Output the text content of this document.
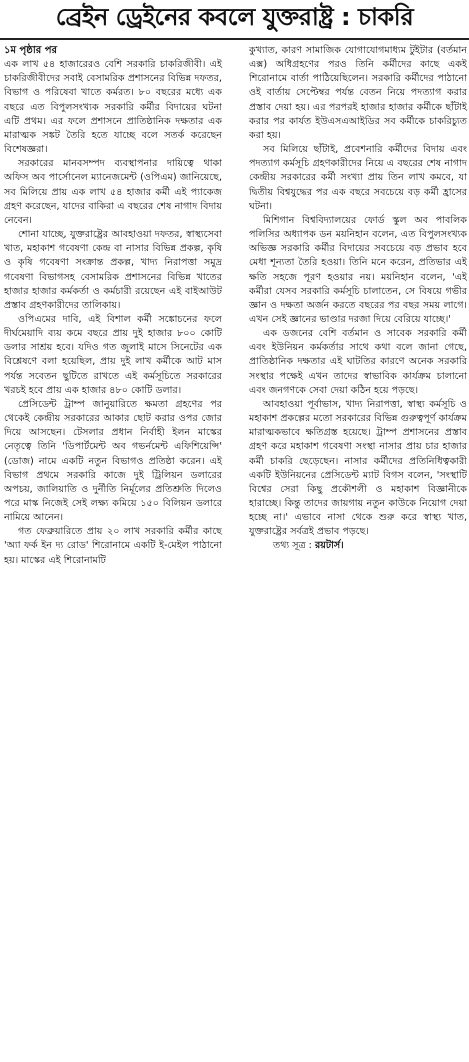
ব্রেইন ড্রেইনের কবলে যুক্তরাষ্ট্র : চাকরি
১ম পৃষ্ঠার পর

এক লাখ ৫৪ হাজারেরও বেশি সরকারি চাকরিজীবী। এই চাকরিজীবীদের সবাই বেসামরিক প্রশাসনের বিভিন্ন দফতর, বিভাগ ও পরিষেবা খাতে কর্মরত। ৮০ বছরের মধ্যে এক বছরে এত বিপুলসংখ্যক সরকারি কর্মীর বিদায়ের ঘটনা এটি প্রথম। এর ফলে প্রশাসনে প্রাতিষ্ঠানিক দক্ষতার এক মারাত্মক সঙ্কট তৈরি হতে যাচ্ছে বলে সতর্ক করেছেন বিশেষজ্ঞরা।

সরকারের মানবসম্পদ ব্যবস্থাপনার দায়িত্বে থাকা অফিস অব পার্সোনেল ম্যানেজমেন্ট (ওপিএম) জানিয়েছে, সব মিলিয়ে প্রায় এক লাখ ৫৪ হাজার কর্মী এই প্যাকেজ গ্রহণ করেছেন, যাদের বাকিরা এ বছরের শেষ নাগাদ বিদায় নেবেন।

শোনা যাচ্ছে, যুক্তরাষ্ট্রের আবহাওয়া দফতর, স্বাস্থ্যসেবা খাত, মহাকাশ গবেষণা কেন্দ্র বা নাসার বিভিন্ন প্রকল্প, কৃষি ও কৃষি গবেষণা সংক্রান্ত প্রকল্প, খাদ্য নিরাপত্তা সমুদ্র গবেষণা বিভাগসহ বেসামরিক প্রশাসনের বিভিন্ন খাতের হাজার হাজার কর্মকর্তা ও কর্মচারী রয়েছেন এই বাইআউট প্রস্তাব গ্রহণকারীদের তালিকায়।

ওপিএমের দাবি, এই বিশাল কর্মী সঙ্কোচনের ফলে দীর্ঘমেয়াদি ব্যয় কমে বছরে প্রায় দুই হাজার ৮০০ কোটি ডলার সাশ্রয় হবে। যদিও গত জুলাই মাসে সিনেটের এক বিশ্লেষণে বলা হয়েছিল, প্রায় দুই লাখ কর্মীকে আট মাস পর্যন্ত সবেতন ছুটিতে রাখতে এই কর্মসূচিতে সরকারের খরচই হবে প্রায় এক হাজার ৪৮০ কোটি ডলার।

প্রেসিডেন্ট ট্রাম্প জানুয়ারিতে ক্ষমতা গ্রহণের পর থেকেই কেন্দ্রীয় সরকারের আকার ছোট করার ওপর জোর দিয়ে আসছেন। টেসলার প্রধান নির্বাহী ইলন মাস্কের নেতৃত্বে তিনি 'ডিপার্টমেন্ট অব গভর্নমেন্ট এফিশিয়েন্সি' (ডোজ) নামে একটি নতুন বিভাগও প্রতিষ্ঠা করেন। এই বিভাগ প্রথমে সরকারি কাজে দুই ট্রিলিয়ন ডলারের অপচয়, জালিয়াতি ও দুর্নীতি নির্মূলের প্রতিশ্রুতি দিলেও পরে মাস্ক নিজেই সেই লক্ষ্য কমিয়ে ১৫০ বিলিয়ন ডলারে নামিয়ে আনেন।

গত ফেব্রুয়ারিতে প্রায় ২০ লাখ সরকারি কর্মীর কাছে 'অ্যা ফর্ক ইন দ্য রোড' শিরোনামে একটি ই-মেইল পাঠানো হয়। মাস্কের এই শিরোনামটি

কুখ্যাত, কারণ সামাজিক যোগাযোগমাধ্যম টুইটার (বর্তমান এক্স) অধিগ্রহণের পরও তিনি কর্মীদের কাছে একই শিরোনামে বার্তা পাঠিয়েছিলেন। সরকারি কর্মীদের পাঠানো ওই বার্তায় সেপ্টেম্বর পর্যন্ত বেতন নিয়ে পদত্যাগ করার প্রস্তাব দেয়া হয়। এর পরপরই হাজার হাজার কর্মীকে ছাঁটাই করার পর কার্যত ইউএসএআইডির সব কর্মীকে চাকরিচ্যুত করা হয়।

সব মিলিয়ে ছাঁটাই, প্রবেশনারি কর্মীদের বিদায় এবং পদত্যাগ কর্মসূচি গ্রহণকারীদের নিয়ে এ বছরের শেষ নাগাদ কেন্দ্রীয় সরকারের কর্মী সংখ্যা প্রায় তিন লাখ কমবে, যা দ্বিতীয় বিশ্বযুদ্ধের পর এক বছরে সবচেয়ে বড় কর্মী হ্রাসের ঘটনা।

মিশিগান বিশ্ববিদ্যালয়ের ফোর্ড স্কুল অব পাবলিক পলিসির অধ্যাপক ডন ময়নিহান বলেন, এত বিপুলসংখ্যক অভিজ্ঞ সরকারি কর্মীর বিদায়ের সবচেয়ে বড় প্রভাব হবে মেধা শূন্যতা তৈরি হওয়া। তিনি মনে করেন, প্রতিভার এই ক্ষতি সহজে পূরণ হওয়ার নয়। ময়নিহান বলেন, 'এই কর্মীরা যেসব সরকারি কর্মসূচি চালাতেন, সে বিষয়ে গভীর জ্ঞান ও দক্ষতা অর্জন করতে বছরের পর বছর সময় লাগে। এখন সেই জ্ঞানের ভাণ্ডার দরজা দিয়ে বেরিয়ে যাচ্ছে।'

এক ডজনের বেশি বর্তমান ও সাবেক সরকারি কর্মী এবং ইউনিয়ন কর্মকর্তার সাথে কথা বলে জানা গেছে, প্রাতিষ্ঠানিক দক্ষতার এই ঘাটতির কারণে অনেক সরকারি সংস্থার পক্ষেই এখন তাদের স্বাভাবিক কার্যক্রম চালানো এবং জনগণকে সেবা দেয়া কঠিন হয়ে পড়ছে।

আবহাওয়া পূর্বাভাস, খাদ্য নিরাপত্তা, স্বাস্থ্য কর্মসূচি ও মহাকাশ প্রকল্পের মতো সরকারের বিভিন্ন গুরুত্বপূর্ণ কার্যক্রম মারাত্মকভাবে ক্ষতিগ্রস্ত হয়েছে। ট্রাম্প প্রশাসনের প্রস্তাব গ্রহণ করে মহাকাশ গবেষণা সংস্থা নাসার প্রায় চার হাজার কর্মী চাকরি ছেড়েছেন। নাসার কর্মীদের প্রতিনিধিত্বকারী একটি ইউনিয়নের প্রেসিডেন্ট ম্যাট বিগস বলেন, 'সংস্থাটি বিশ্বের সেরা কিছু প্রকৌশলী ও মহাকাশ বিজ্ঞানীকে হারাচ্ছে। কিন্তু তাদের জায়গায় নতুন কাউকে নিয়োগ দেয়া হচ্ছে না।' এভাবে নাসা থেকে শুরু করে স্বাস্থ্য খাত, যুক্তরাষ্ট্রের সর্বত্রই প্রভাব পড়ছে।

তথ্য সূত্র : রয়টার্স।
